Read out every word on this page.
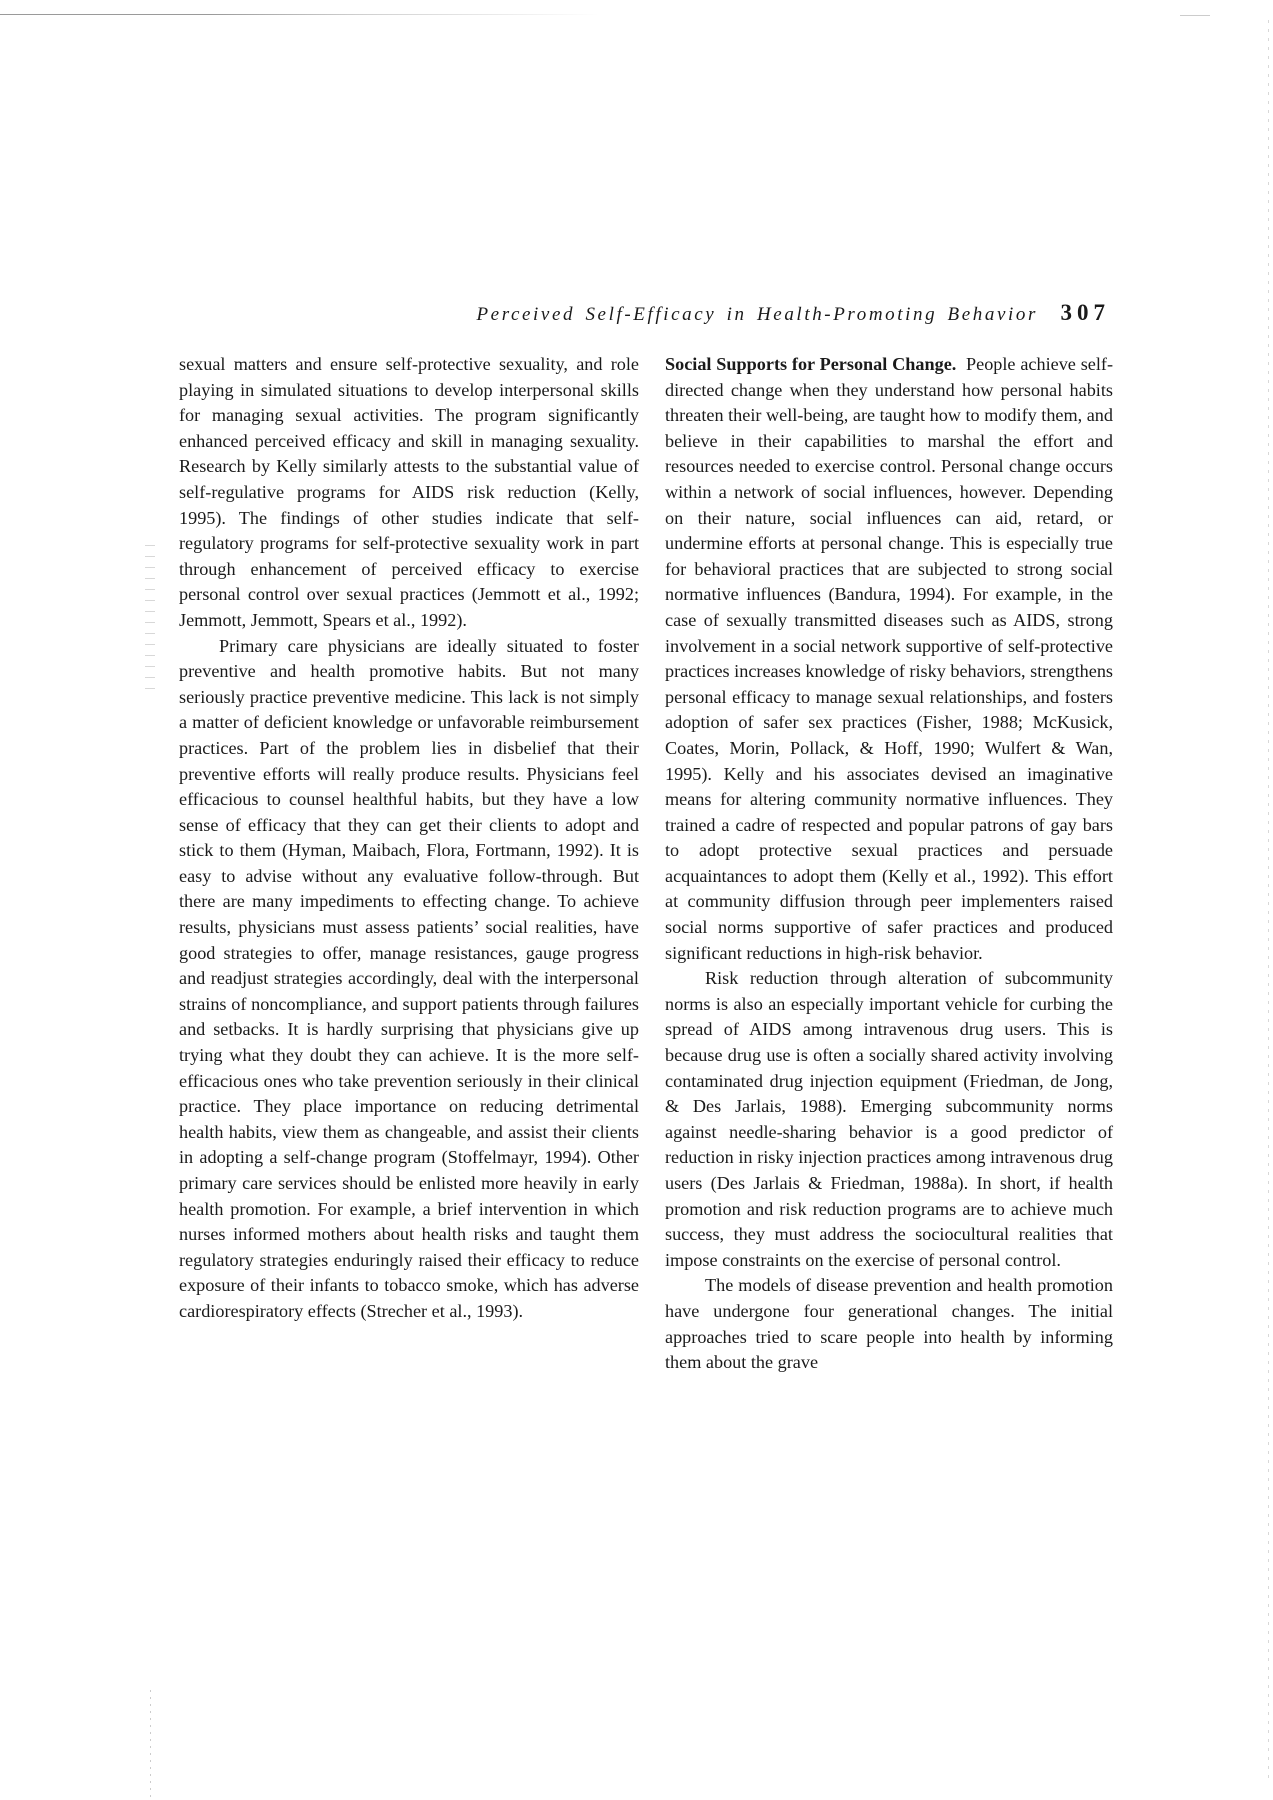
Perceived Self-Efficacy in Health-Promoting Behavior 307

sexual matters and ensure self-protective sexuality, and role playing in simulated situations to develop interpersonal skills for managing sexual activities. The program significantly enhanced perceived efficacy and skill in managing sexuality. Research by Kelly similarly attests to the substantial value of self-regulative programs for AIDS risk reduction (Kelly, 1995). The findings of other studies indicate that self-regulatory programs for self-protective sexuality work in part through enhancement of perceived efficacy to exercise personal control over sexual practices (Jemmott et al., 1992; Jemmott, Jemmott, Spears et al., 1992).

Primary care physicians are ideally situated to foster preventive and health promotive habits. But not many seriously practice preventive medicine. This lack is not simply a matter of deficient knowledge or unfavorable reimbursement practices. Part of the problem lies in disbelief that their preventive efforts will really produce results. Physicians feel efficacious to counsel healthful habits, but they have a low sense of efficacy that they can get their clients to adopt and stick to them (Hyman, Maibach, Flora, Fortmann, 1992). It is easy to advise without any evaluative follow-through. But there are many impediments to effecting change. To achieve results, physicians must assess patients’ social realities, have good strategies to offer, manage resistances, gauge progress and readjust strategies accordingly, deal with the interpersonal strains of noncompliance, and support patients through failures and setbacks. It is hardly surprising that physicians give up trying what they doubt they can achieve. It is the more self-efficacious ones who take prevention seriously in their clinical practice. They place importance on reducing detrimental health habits, view them as changeable, and assist their clients in adopting a self-change program (Stoffelmayr, 1994). Other primary care services should be enlisted more heavily in early health promotion. For example, a brief intervention in which nurses informed mothers about health risks and taught them regulatory strategies enduringly raised their efficacy to reduce exposure of their infants to tobacco smoke, which has adverse cardiorespiratory effects (Strecher et al., 1993).

Social Supports for Personal Change. People achieve self-directed change when they understand how personal habits threaten their well-being, are taught how to modify them, and believe in their capabilities to marshal the effort and resources needed to exercise control. Personal change occurs within a network of social influences, however. Depending on their nature, social influences can aid, retard, or undermine efforts at personal change. This is especially true for behavioral practices that are subjected to strong social normative influences (Bandura, 1994). For example, in the case of sexually transmitted diseases such as AIDS, strong involvement in a social network supportive of self-protective practices increases knowledge of risky behaviors, strengthens personal efficacy to manage sexual relationships, and fosters adoption of safer sex practices (Fisher, 1988; McKusick, Coates, Morin, Pollack, & Hoff, 1990; Wulfert & Wan, 1995). Kelly and his associates devised an imaginative means for altering community normative influences. They trained a cadre of respected and popular patrons of gay bars to adopt protective sexual practices and persuade acquaintances to adopt them (Kelly et al., 1992). This effort at community diffusion through peer implementers raised social norms supportive of safer practices and produced significant reductions in high-risk behavior.

Risk reduction through alteration of subcommunity norms is also an especially important vehicle for curbing the spread of AIDS among intravenous drug users. This is because drug use is often a socially shared activity involving contaminated drug injection equipment (Friedman, de Jong, & Des Jarlais, 1988). Emerging subcommunity norms against needle-sharing behavior is a good predictor of reduction in risky injection practices among intravenous drug users (Des Jarlais & Friedman, 1988a). In short, if health promotion and risk reduction programs are to achieve much success, they must address the sociocultural realities that impose constraints on the exercise of personal control.

The models of disease prevention and health promotion have undergone four generational changes. The initial approaches tried to scare people into health by informing them about the grave
